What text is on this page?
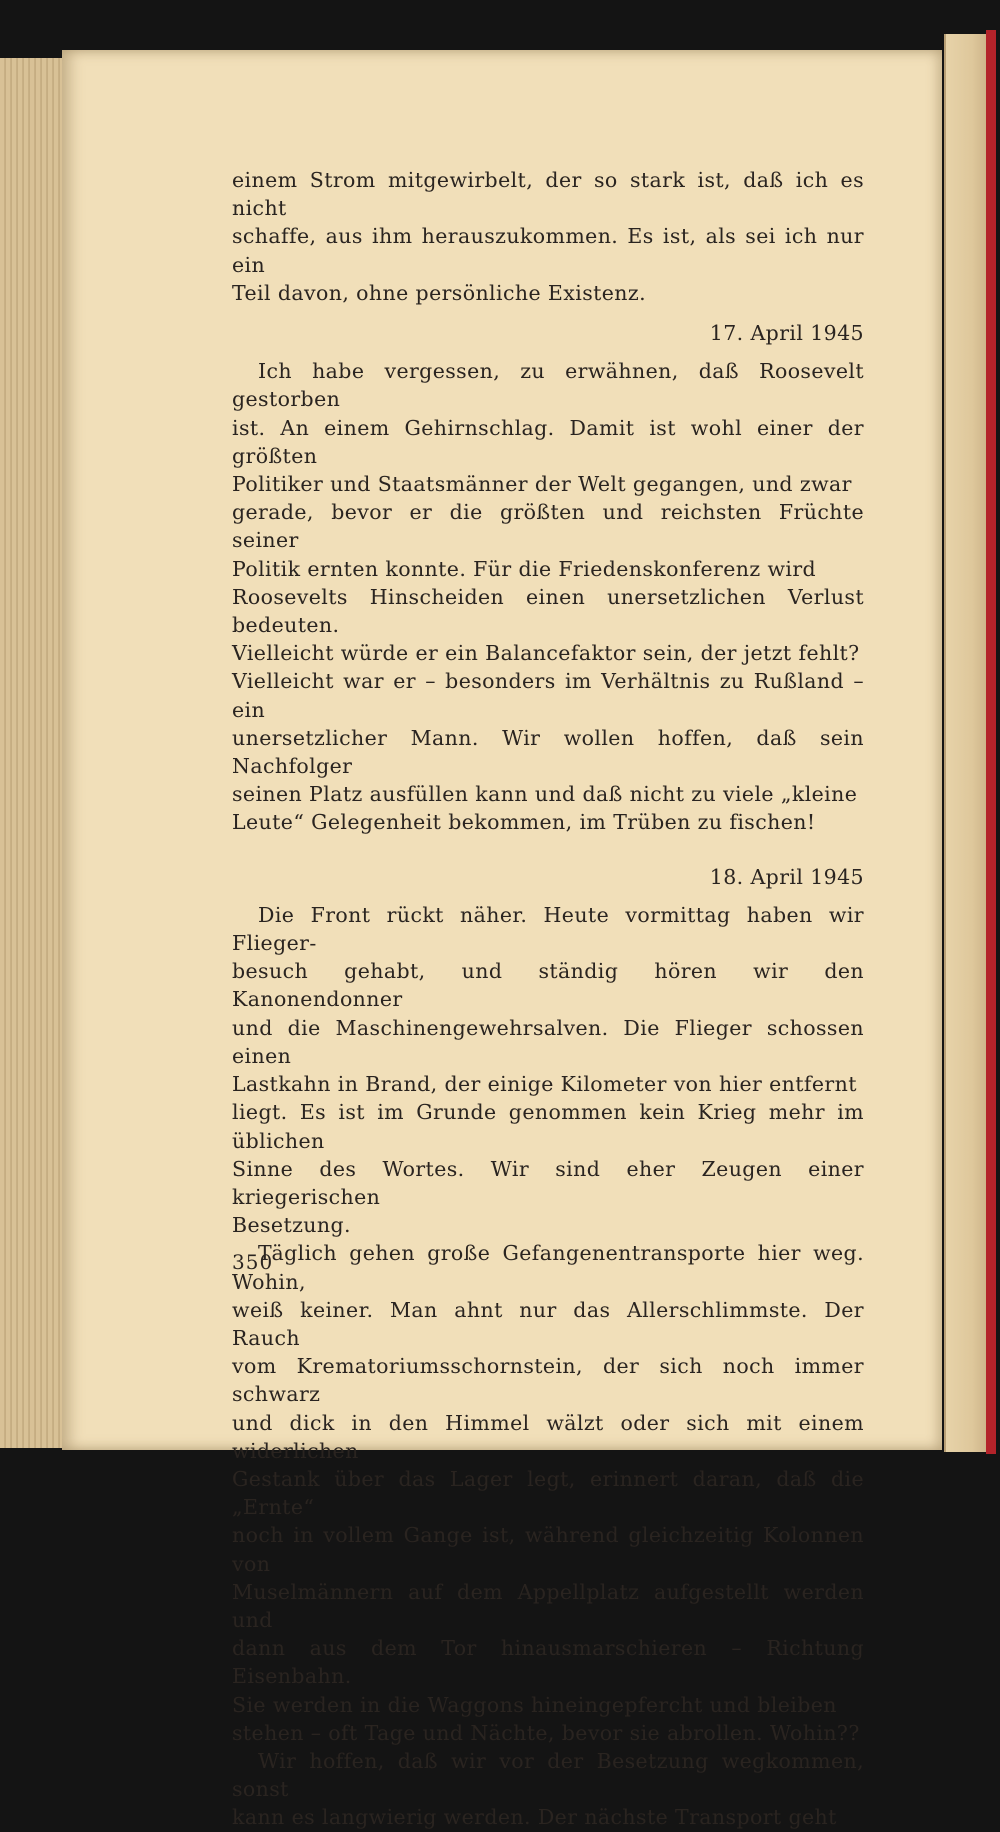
einem Strom mitgewirbelt, der so stark ist, daß ich es nicht
schaffe, aus ihm herauszukommen. Es ist, als sei ich nur ein
Teil davon, ohne persönliche Existenz.

17. April 1945

Ich habe vergessen, zu erwähnen, daß Roosevelt gestorben
ist. An einem Gehirnschlag. Damit ist wohl einer der größten
Politiker und Staatsmänner der Welt gegangen, und zwar
gerade, bevor er die größten und reichsten Früchte seiner
Politik ernten konnte. Für die Friedenskonferenz wird
Roosevelts Hinscheiden einen unersetzlichen Verlust bedeuten.
Vielleicht würde er ein Balancefaktor sein, der jetzt fehlt?
Vielleicht war er – besonders im Verhältnis zu Rußland – ein
unersetzlicher Mann. Wir wollen hoffen, daß sein Nachfolger
seinen Platz ausfüllen kann und daß nicht zu viele „kleine
Leute“ Gelegenheit bekommen, im Trüben zu fischen!

18. April 1945

Die Front rückt näher. Heute vormittag haben wir Flieger-
besuch gehabt, und ständig hören wir den Kanonendonner
und die Maschinengewehrsalven. Die Flieger schossen einen
Lastkahn in Brand, der einige Kilometer von hier entfernt
liegt. Es ist im Grunde genommen kein Krieg mehr im üblichen
Sinne des Wortes. Wir sind eher Zeugen einer kriegerischen
Besetzung.

Täglich gehen große Gefangenentransporte hier weg. Wohin,
weiß keiner. Man ahnt nur das Allerschlimmste. Der Rauch
vom Krematoriumsschornstein, der sich noch immer schwarz
und dick in den Himmel wälzt oder sich mit einem widerlichen
Gestank über das Lager legt, erinnert daran, daß die „Ernte“
noch in vollem Gange ist, während gleichzeitig Kolonnen von
Muselmännern auf dem Appellplatz aufgestellt werden und
dann aus dem Tor hinausmarschieren – Richtung Eisenbahn.
Sie werden in die Waggons hineingepfercht und bleiben
stehen – oft Tage und Nächte, bevor sie abrollen. Wohin??

Wir hoffen, daß wir vor der Besetzung wegkommen, sonst
kann es langwierig werden. Der nächste Transport geht

350
